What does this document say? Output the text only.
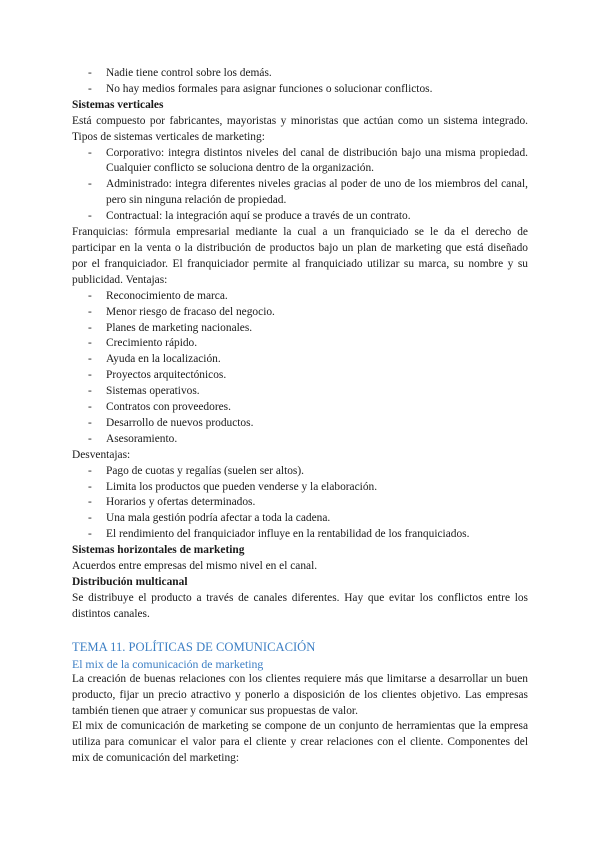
- Nadie tiene control sobre los demás.
- No hay medios formales para asignar funciones o solucionar conflictos.

Sistemas verticales

Está compuesto por fabricantes, mayoristas y minoristas que actúan como un sistema integrado. Tipos de sistemas verticales de marketing:

- Corporativo: integra distintos niveles del canal de distribución bajo una misma propiedad. Cualquier conflicto se soluciona dentro de la organización.
- Administrado: integra diferentes niveles gracias al poder de uno de los miembros del canal, pero sin ninguna relación de propiedad.
- Contractual: la integración aquí se produce a través de un contrato.

Franquicias: fórmula empresarial mediante la cual a un franquiciado se le da el derecho de participar en la venta o la distribución de productos bajo un plan de marketing que está diseñado por el franquiciador. El franquiciador permite al franquiciado utilizar su marca, su nombre y su publicidad. Ventajas:

- Reconocimiento de marca.
- Menor riesgo de fracaso del negocio.
- Planes de marketing nacionales.
- Crecimiento rápido.
- Ayuda en la localización.
- Proyectos arquitectónicos.
- Sistemas operativos.
- Contratos con proveedores.
- Desarrollo de nuevos productos.
- Asesoramiento.

Desventajas:

- Pago de cuotas y regalías (suelen ser altos).
- Limita los productos que pueden venderse y la elaboración.
- Horarios y ofertas determinados.
- Una mala gestión podría afectar a toda la cadena.
- El rendimiento del franquiciador influye en la rentabilidad de los franquiciados.

Sistemas horizontales de marketing

Acuerdos entre empresas del mismo nivel en el canal.

Distribución multicanal

Se distribuye el producto a través de canales diferentes. Hay que evitar los conflictos entre los distintos canales.

TEMA 11. POLÍTICAS DE COMUNICACIÓN

El mix de la comunicación de marketing

La creación de buenas relaciones con los clientes requiere más que limitarse a desarrollar un buen producto, fijar un precio atractivo y ponerlo a disposición de los clientes objetivo. Las empresas también tienen que atraer y comunicar sus propuestas de valor.

El mix de comunicación de marketing se compone de un conjunto de herramientas que la empresa utiliza para comunicar el valor para el cliente y crear relaciones con el cliente. Componentes del mix de comunicación del marketing:
